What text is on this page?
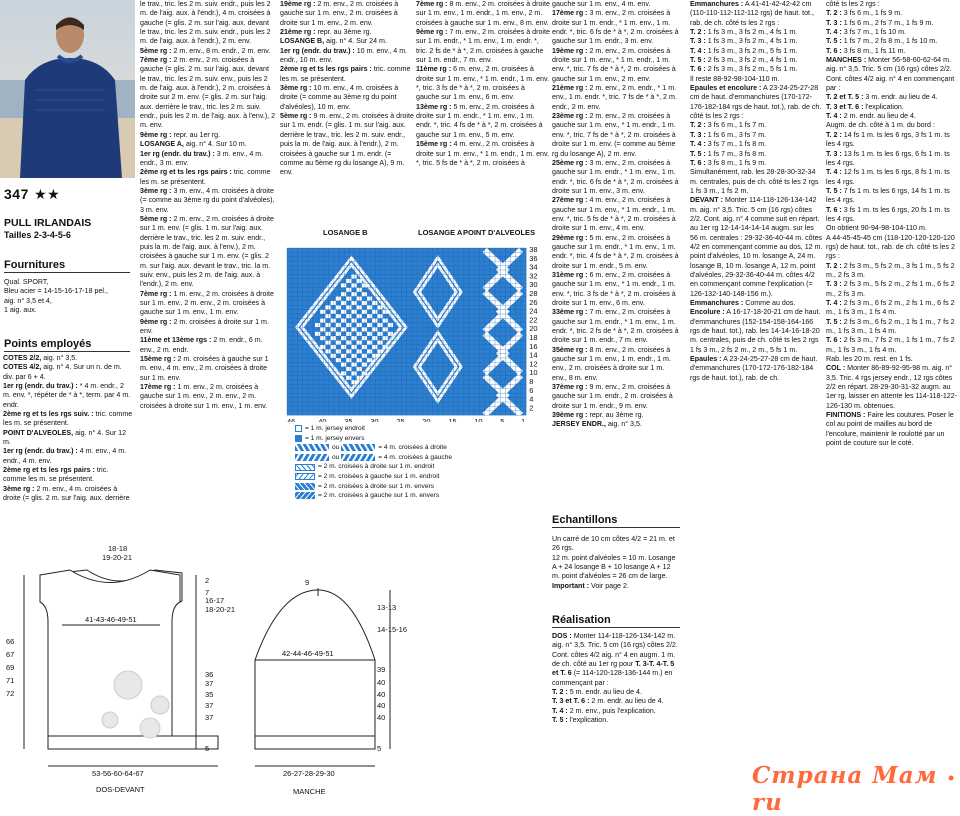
347 ★★
PULL IRLANDAIS
Tailles 2-3-4-5-6
Fournitures

Qual. SPORT,

Bleu acier = 14-15-16-17-18 pel.,

aig. n° 3,5 et 4,

1 aig. aux.

Points employés

COTES 2/2, aig. n° 3,5.

COTES 4/2, aig. n° 4. Sur un n. de m. div. par 6 + 4.

1er rg (endr. du trav.) : * 4 m. endr., 2 m. env. *, répéter de * à *, term. par 4 m. endr.

2ème rg et ts les rgs suiv. : tric. comme les m. se présentent.

POINT D'ALVEOLES, aig. n° 4. Sur 12 m.

1er rg (endr. du trav.) : 4 m. env., 4 m. endr., 4 m. env.

2ème rg et ts les rgs pairs : tric. comme les m. se présentent.

3ème rg : 2 m. env., 4 m. croisées à droite (= glis. 2 m. sur l'aig. aux. derrière

le trav., tric. les 2 m. suiv. endr., puis les 2 m. de l'aig. aux. à l'endr.), 4 m. croisées à gauche (= glis. 2 m. sur l'aig. aux. devant le trav., tric. les 2 m. suiv. endr., puis les 2 m. de l'aig. aux. à l'endr.), 2 m. env.

5ème rg : 2 m. env., 8 m. endr., 2 m. env.

7ème rg : 2 m. env., 2 m. croisées à gauche (= glis. 2 m. sur l'aig. aux. devant le trav., tric. les 2 m. suiv. env., puis les 2 m. de l'aig. aux. à l'endr.), 2 m. croisées à droite sur 2 m. env. (= glis. 2 m. sur l'aig. aux. derrière le trav., tric. les 2 m. suiv. endr., puis les 2 m. de l'aig. aux. à l'env.), 2 m. env.

9ème rg : repr. au 1er rg.

LOSANGE A, aig. n° 4. Sur 10 m.

1er rg (endr. du trav.) : 3 m. env., 4 m. endr., 3 m. env.

2ème rg et ts les rgs pairs : tric. comme les m. se présentent.

3ème rg : 3 m. env., 4 m. croisées à droite (= comme au 3ème rg du point d'alvéoles), 3 m. env.

5ème rg : 2 m. env., 2 m. croisées à droite sur 1 m. env. (= glis. 1 m. sur l'aig. aux. derrière le trav., tric. les 2 m. suiv. endr., puis la m. de l'aig. aux. à l'env.), 2 m. croisées à gauche sur 1 m. env. (= glis. 2 m. sur l'aig. aux. devant le trav., tric. la m. suiv. env., puis les 2 m. de l'aig. aux. à l'endr.), 2 m. env.

7ème rg : 1 m. env., 2 m. croisées à droite sur 1 m. env., 2 m. env., 2 m. croisées à gauche sur 1 m. env., 1 m. env.

9ème rg : 2 m. croisées à droite sur 1 m. env.

11ème et 13ème rgs : 2 m. endr., 6 m. env., 2 m. endr.

15ème rg : 2 m. croisées à gauche sur 1 m. env., 4 m. env., 2 m. croisées à droite sur 1 m. env.

17ème rg : 1 m. env., 2 m. croisées à gauche sur 1 m. env., 2 m. env., 2 m. croisées à droite sur 1 m. env., 1 m. env.

19ème rg : 2 m. env., 2 m. croisées à gauche sur 1 m. env., 2 m. croisées à droite sur 1 m. env., 2 m. env.

21ème rg : repr. au 3ème rg.

LOSANGE B, aig. n° 4. Sur 24 m.

1er rg (endr. du trav.) : 10 m. env., 4 m. endr., 10 m. env.

2ème rg et ts les rgs pairs : tric. comme les m. se présentent.

3ème rg : 10 m. env., 4 m. croisées à droite (= comme au 3ème rg du point d'alvéoles), 10 m. env.

5ème rg : 9 m. env., 2 m. croisées à droite sur 1 m. endr. (= glis. 1 m. sur l'aig. aux. derrière le trav., tric. les 2 m. suiv. endr., puis la m. de l'aig. aux. à l'endr.), 2 m. croisées à gauche sur 1 m. endr. (= comme au 5ème rg du losange A), 9 m. env.

7ème rg : 8 m. env., 2 m. croisées à droite sur 1 m. env., 1 m. endr., 1 m. env., 2 m. croisées à gauche sur 1 m. env., 8 m. env.

9ème rg : 7 m. env., 2 m. croisées à droite sur 1 m. endr., * 1 m. env., 1 m. endr. *, tric. 2 fs de * à *, 2 m. croisées à gauche sur 1 m. endr., 7 m. env.

11ème rg : 6 m. env., 2 m. croisées à droite sur 1 m. env., * 1 m. endr., 1 m. env. *, tric. 3 fs de * à *, 2 m. croisées à gauche sur 1 m. env., 6 m. env.

13ème rg : 5 m. env., 2 m. croisées à droite sur 1 m. endr., * 1 m. env., 1 m. endr. *, tric. 4 fs de * à *, 2 m. croisées à gauche sur 1 m. env., 5 m. env.

15ème rg : 4 m. env., 2 m. croisées à droite sur 1 m. env., * 1 m. endr., 1 m. env. *, tric. 5 fs de * à *, 2 m. croisées à

gauche sur 1 m. env., 4 m. env.

17ème rg : 3 m. env., 2 m. croisées à droite sur 1 m. endr., * 1 m. env., 1 m. endr. *, tric. 6 fs de * à *, 2 m. croisées à gauche sur 1 m. endr., 3 m. env.

19ème rg : 2 m. env., 2 m. croisées à droite sur 1 m. env., * 1 m. endr., 1 m. env. *, tric. 7 fs de * à *, 2 m. croisées à gauche sur 1 m. env., 2 m. env.

21ème rg : 2 m. env., 2 m. endr., * 1 m. env., 1 m. endr. *, tric. 7 fs de * à *, 2 m. endr., 2 m. env.

23ème rg : 2 m. env., 2 m. croisées à gauche sur 1 m. env., * 1 m. endr., 1 m. env. *, tric. 7 fs de * à *, 2 m. croisées à droite sur 1 m. env. (= comme au 5ème rg du losange A), 2 m. env.

25ème rg : 3 m. env., 2 m. croisées à gauche sur 1 m. endr., * 1 m. env., 1 m. endr. *, tric. 6 fs de * à *, 2 m. croisées à droite sur 1 m. env., 3 m. env.

27ème rg : 4 m. env., 2 m. croisées à gauche sur 1 m. env., * 1 m. endr., 1 m. env. *, tric. 5 fs de * à *, 2 m. croisées à droite sur 1 m. env., 4 m. env.

29ème rg : 5 m. env., 2 m. croisées à gauche sur 1 m. endr., * 1 m. env., 1 m. endr. *, tric. 4 fs de * à *, 2 m. croisées à droite sur 1 m. endr., 5 m. env.

31ème rg : 6 m. env., 2 m. croisées à gauche sur 1 m. env., * 1 m. endr., 1 m. env. *, tric. 3 fs de * à *, 2 m. croisées à droite sur 1 m. env., 6 m. env.

33ème rg : 7 m. env., 2 m. croisées à gauche sur 1 m. endr., * 1 m. env., 1 m. endr. *, tric. 2 fs de * à *, 2 m. croisées à droite sur 1 m. endr., 7 m. env.

35ème rg : 8 m. env., 2 m. croisées à gauche sur 1 m. env., 1 m. endr., 1 m. env., 2 m. croisées à droite sur 1 m. env., 8 m. env.

37ème rg : 9 m. env., 2 m. croisées à gauche sur 1 m. endr., 2 m. croisées à droite sur 1 m. endr., 9 m. env.

39ème rg : repr. au 3ème rg.

JERSEY ENDR., aig. n° 3,5.

Echantillons

Un carré de 10 cm côtes 4/2 = 21 m. et 26 rgs.

12 m. point d'alvéoles = 10 m. Losange A + 24 losange B + 10 losange A + 12 m. point d'alvéoles = 26 cm de large.

Important : Voir page 2.

Réalisation

DOS : Monter 114-118-126-134-142 m. aig. n° 3,5. Tric. 5 cm (16 rgs) côtes 2/2. Cont. côtes 4/2 aig. n° 4 en augm. 1 m. de ch. côté au 1er rg pour T. 3-T. 4-T. 5 et T. 6 (= 114-120-128-136-144 m.) en commençant par :

T. 2 : 5 m. endr. au lieu de 4.

T. 3 et T. 6 : 2 m. endr. au lieu de 4.

T. 4 : 2 m. env., puis l'explication.

T. 5 : l'explication.

Emmanchures : A 41-41-42-42-42 cm (110-110-112-112-112 rgs) de haut. tot., rab. de ch. côté ts les 2 rgs :

T. 2 : 1 fs 3 m., 3 fs 2 m., 4 fs 1 m.

T. 3 : 1 fs 3 m., 3 fs 2 m., 4 fs 1 m.

T. 4 : 1 fs 3 m., 3 fs 2 m., 5 fs 1 m.

T. 5 : 2 fs 3 m., 3 fs 2 m., 4 fs 1 m.

T. 6 : 2 fs 3 m., 3 fs 2 m., 5 fs 1 m.

Il reste 88-92-98-104-110 m.

Epaules et encolure : A 23-24-25-27-28 cm de haut. d'emmanchures (170-172-176-182-184 rgs de haut. tot.), rab. de ch. côté ts les 2 rgs :

T. 2 : 3 fs 6 m., 1 fs 7 m.

T. 3 : 1 fs 6 m., 3 fs 7 m.

T. 4 : 3 fs 7 m., 1 fs 8 m.

T. 5 : 1 fs 7 m., 3 fs 8 m.

T. 6 : 3 fs 8 m., 1 fs 9 m.

Simultanément, rab. les 28-28-30-32-34 m. centrales, puis de ch. côté ts les 2 rgs 1 fs 3 m., 1 fs 2 m.

DEVANT : Monter 114-118-126-134-142 m. aig. n° 3,5. Tric. 5 cm (16 rgs) côtes 2/2. Cont. aig. n° 4 comme suit en répart. au 1er rg 12-14-14-14-14 augm. sur les 56 m. centrales : 29-32-36-40-44 m. côtes 4/2 en commençant comme au dos, 12 m. point d'alvéoles, 10 m. losange A, 24 m. losange B, 10 m. losange A, 12 m. point d'alvéoles, 29-32-36-40-44 m. côtes 4/2 en commençant comme l'explication (= 126-132-140-148-156 m.).

Emmanchures : Comme au dos.

Encolure : A 16-17-18-20-21 cm de haut. d'emmanchures (152-154-158-164-166 rgs de haut. tot.), rab. les 14-14-16-18-20 m. centrales, puis de ch. côté ts les 2 rgs 1 fs 3 m., 2 fs 2 m., 2 m., 5 fs 1 m.

Epaules : A 23-24-25-27-28 cm de haut. d'emmanchures (170-172-176-182-184 rgs de haut. tot.), rab. de ch.

côté ts les 2 rgs :

T. 2 : 3 fs 6 m., 1 fs 9 m.

T. 3 : 1 fs 6 m., 2 fs 7 m., 1 fs 9 m.

T. 4 : 3 fs 7 m., 1 fs 10 m.

T. 5 : 1 fs 7 m., 2 fs 8 m., 1 fs 10 m.

T. 6 : 3 fs 8 m., 1 fs 11 m.

MANCHES : Monter 56-58-60-62-64 m. aig. n° 3,5. Tric. 5 cm (16 rgs) côtes 2/2. Cont. côtes 4/2 aig. n° 4 en commençant par :

T. 2 et T. 5 : 3 m. endr. au lieu de 4.

T. 3 et T. 6 : l'explication.

T. 4 : 2 m. endr. au lieu de 4.

Augm. de ch. côté à 1 m. du bord :

T. 2 : 14 fs 1 m. ts les 6 rgs, 3 fs 1 m. ts les 4 rgs.

T. 3 : 13 fs 1 m. ts les 6 rgs, 6 fs 1 m. ts les 4 rgs.

T. 4 : 12 fs 1 m. ts les 6 rgs, 8 fs 1 m. ts les 4 rgs.

T. 5 : 7 fs 1 m. ts les 6 rgs, 14 fs 1 m. ts les 4 rgs.

T. 6 : 3 fs 1 m. ts les 6 rgs, 20 fs 1 m. ts les 4 rgs.

On obtient 90-94-98-104-110 m.

A 44-45-45-45 cm (118-120-120-120-120 rgs) de haut. tot., rab. de ch. côté ts les 2 rgs :

T. 2 : 2 fs 3 m., 5 fs 2 m., 3 fs 1 m., 5 fs 2 m., 2 fs 3 m.

T. 3 : 2 fs 3 m., 5 fs 2 m., 2 fs 1 m., 6 fs 2 m., 2 fs 3 m.

T. 4 : 2 fs 3 m., 6 fs 2 m., 2 fs 1 m., 6 fs 2 m., 1 fs 3 m., 1 fs 4 m.

T. 5 : 2 fs 3 m., 6 fs 2 m., 1 fs 1 m., 7 fs 2 m., 1 fs 3 m., 1 fs 4 m.

T. 6 : 2 fs 3 m., 7 fs 2 m., 1 fs 1 m., 7 fs 2 m., 1 fs 3 m., 1 fs 4 m.

Rab. les 20 m. rest. en 1 fs.

COL : Monter 86-89-92-95-98 m. aig. n° 3,5. Tric. 4 rgs jersey endr., 12 rgs côtes 2/2 en répart. 28-29-30-31-32 augm. au 1er rg, laisser en attente les 114-118-122-126-130 m. obtenues.

FINITIONS : Faire les coutures. Poser le col au point de mailles au bord de l'encolure, maintenir le roulotté par un point de couture sur le coté.

LOSANGE B	LOSANGE A POINT D'ALVEOLES
46	40 35 30 25 20 15 10 5 1
38
36
34
32
30
28
26
24
22
20
18
16
14
12
10
8
6
4
2
= 1 m. jersey endroit
= 1 m. jersey envers
ou
	= 4 m. croisées à droite
ou
	= 4 m. croisées à gauche
= 2 m. croisées à droite sur 1 m. endroit
= 2 m. croisées à gauche sur 1 m. endroit
= 2 m. croisées à droite sur 1 m. envers
= 2 m. croisées à gauche sur 1 m. envers
18-18
19-20-21
41-43-46-49-51
66
67
69
71
72
2
7
16-17
18-20-21
36
37
35
37
37
5
53-56-60-64-67
DOS-DEVANT
9
42-44-46-49-51
13-13
14-15-16
39
40
40
40
40
5
26-27-28-29-30
MANCHE
Страна Мам • ru
